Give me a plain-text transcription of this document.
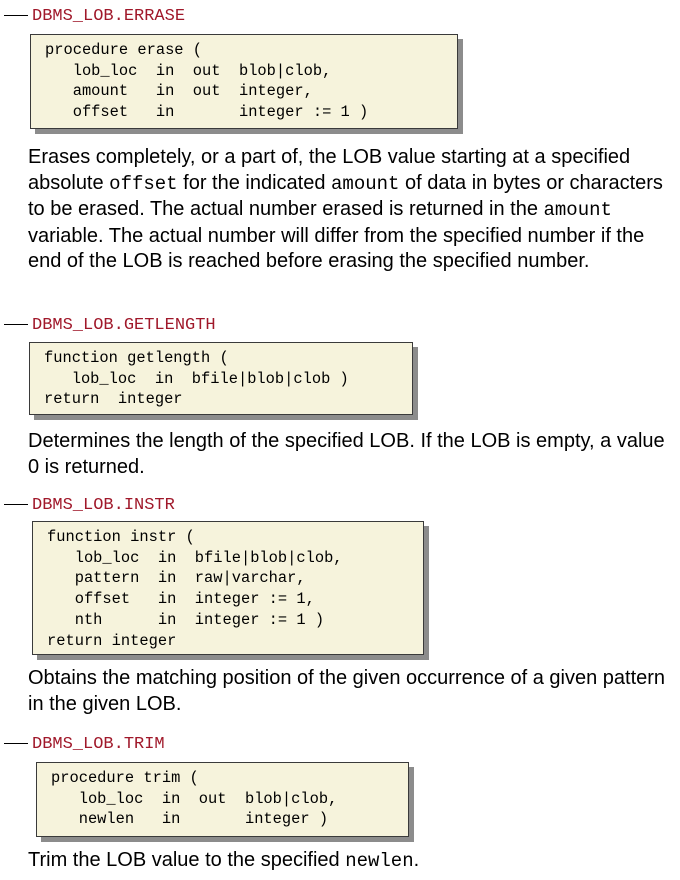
DBMS_LOB.ERRASE
procedure erase (
lob_loc  in  out  blob|clob,
amount   in  out  integer,
offset   in       integer := 1 )

Erases completely, or a part of, the LOB value starting at a specified absolute offset for the indicated amount of data in bytes or characters to be erased. The actual number erased is returned in the amount variable. The actual number will differ from the specified number if the end of the LOB is reached before erasing the specified number.

DBMS_LOB.GETLENGTH
function getlength (
lob_loc  in  bfile|blob|clob )
return  integer

Determines the length of the specified LOB. If the LOB is empty, a value 0 is returned.

DBMS_LOB.INSTR
function instr (
lob_loc  in  bfile|blob|clob,
pattern  in  raw|varchar,
offset   in  integer := 1,
nth      in  integer := 1 )
return integer

Obtains the matching position of the given occurrence of a given pattern in the given LOB.

DBMS_LOB.TRIM
procedure trim (
lob_loc  in  out  blob|clob,
newlen   in       integer )

Trim the LOB value to the specified newlen.
